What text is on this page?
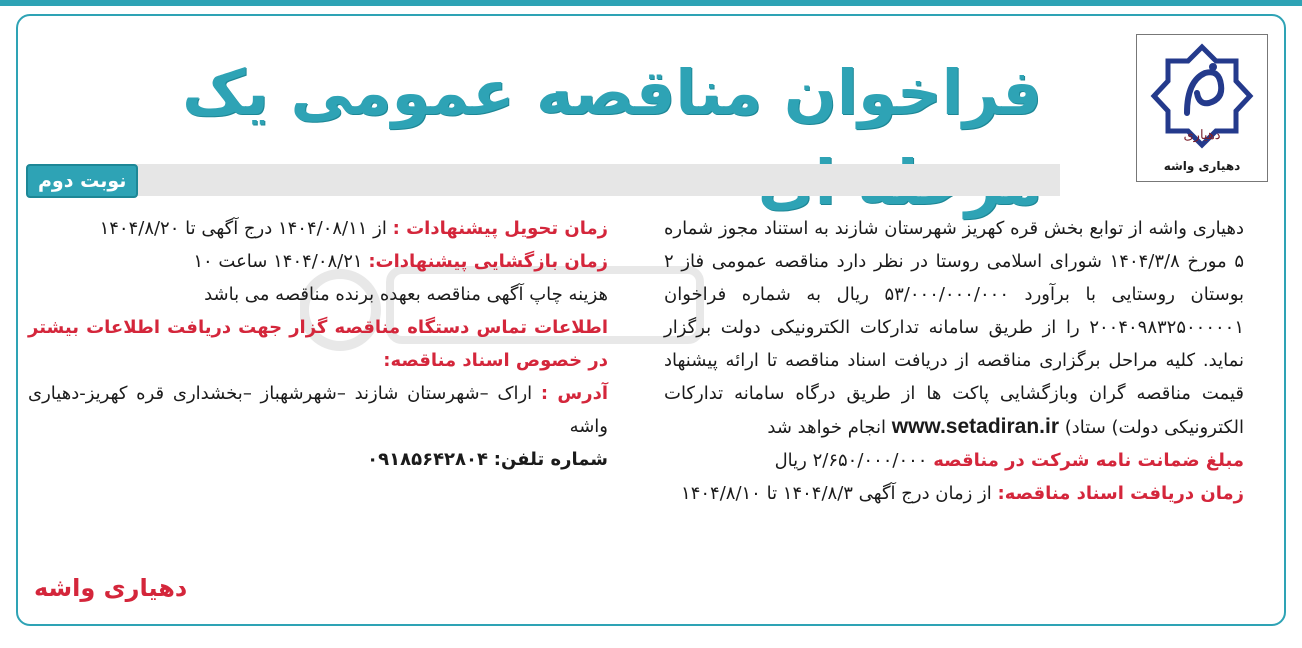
دهیاری
دهیاری واشه
فراخوان مناقصه عمومی یک
نوبت دوم

دهیاری واشه از توابع بخش قره کهریز شهرستان شازند به استناد مجوز شماره ۵ مورخ ۱۴۰۴/۳/۸ شورای اسلامی روستا در نظر دارد مناقصه عمومی فاز ۲ بوستان روستایی با برآورد ۵۳/۰۰۰/۰۰۰/۰۰۰ ریال به شماره فراخوان ۲۰۰۴۰۹۸۳۲۵۰۰۰۰۰۱ را از طریق سامانه تدارکات الکترونیکی دولت برگزار نماید. کلیه مراحل برگزاری مناقصه از دریافت اسناد مناقصه تا ارائه پیشنهاد قیمت مناقصه گران وبازگشایی پاکت ها از طریق درگاه سامانه تدارکات الکترونیکی دولت) ستاد) www.setadiran.ir انجام خواهد شد

مبلغ ضمانت نامه شرکت در مناقصه ۲/۶۵۰/۰۰۰/۰۰۰ ریال

زمان دریافت اسناد مناقصه: از زمان درج آگهی ۱۴۰۴/۸/۳ تا ۱۴۰۴/۸/۱۰

زمان تحویل پیشنهادات : از ۱۴۰۴/۰۸/۱۱ درج آگهی تا ۱۴۰۴/۸/۲۰

زمان بازگشایی پیشنهادات: ۱۴۰۴/۰۸/۲۱ ساعت ۱۰

هزینه چاپ آگهی مناقصه بعهده برنده مناقصه می باشد

اطلاعات تماس دستگاه مناقصه گزار جهت دریافت اطلاعات بیشتر در خصوص اسناد مناقصه:

آدرس : اراک –شهرستان شازند –شهرشهباز –بخشداری قره کهریز-دهیاری واشه

شماره تلفن: ۰۹۱۸۵۶۴۲۸۰۴

دهیاری واشه
